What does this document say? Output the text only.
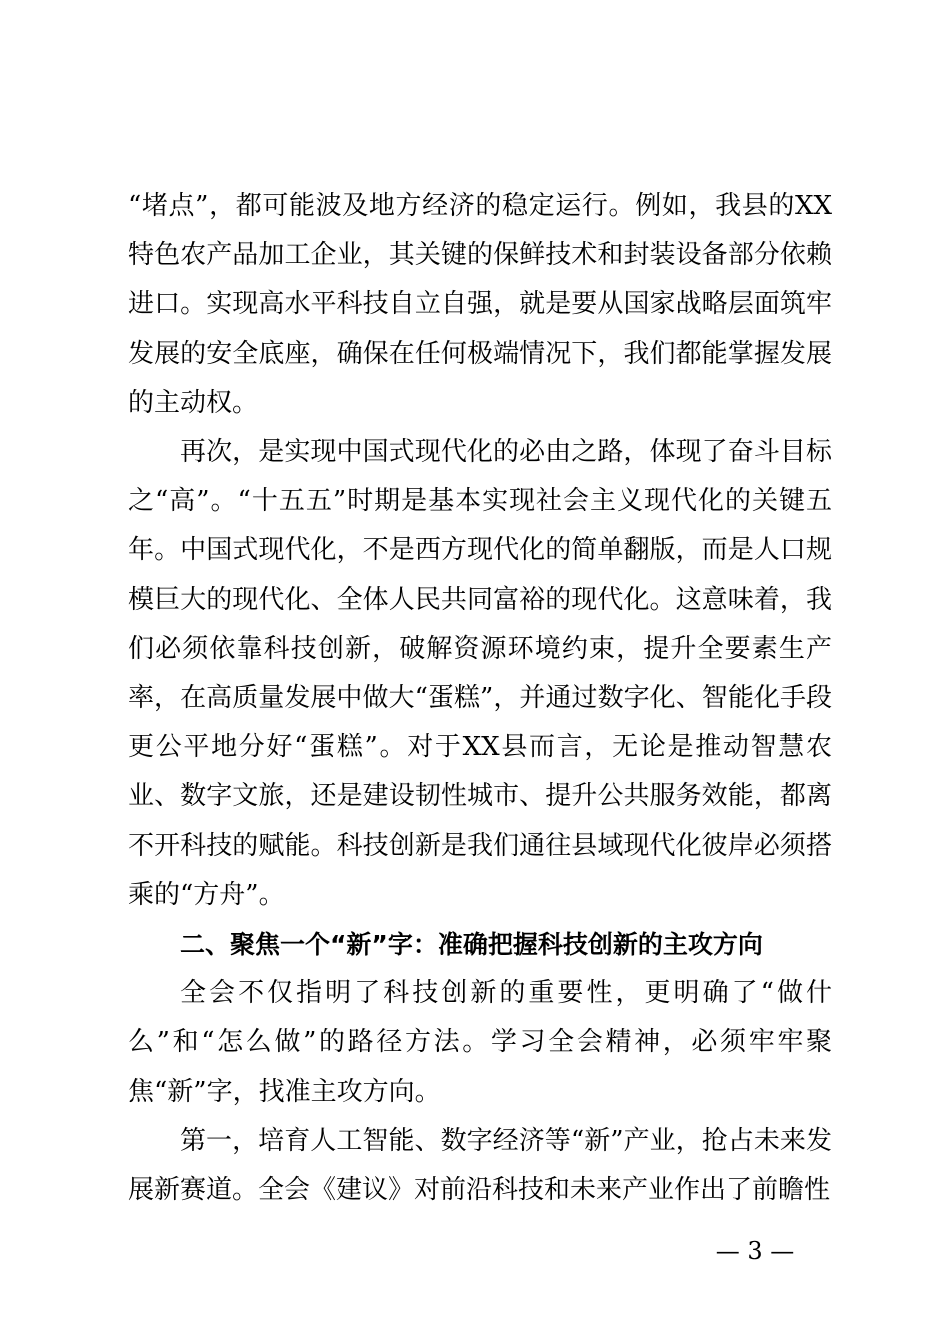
“堵点”，都可能波及地方经济的稳定运行。例如，我县的XX特色农产品加工企业，其关键的保鲜技术和封装设备部分依赖进口。实现高水平科技自立自强，就是要从国家战略层面筑牢发展的安全底座，确保在任何极端情况下，我们都能掌握发展的主动权。

再次，是实现中国式现代化的必由之路，体现了奋斗目标之“高”。“十五五”时期是基本实现社会主义现代化的关键五年。中国式现代化，不是西方现代化的简单翻版，而是人口规模巨大的现代化、全体人民共同富裕的现代化。这意味着，我们必须依靠科技创新，破解资源环境约束，提升全要素生产率，在高质量发展中做大“蛋糕”，并通过数字化、智能化手段更公平地分好“蛋糕”。对于XX县而言，无论是推动智慧农业、数字文旅，还是建设韧性城市、提升公共服务效能，都离不开科技的赋能。科技创新是我们通往县域现代化彼岸必须搭乘的“方舟”。

二、聚焦一个“新”字：准确把握科技创新的主攻方向

全会不仅指明了科技创新的重要性，更明确了“做什么”和“怎么做”的路径方法。学习全会精神，必须牢牢聚焦“新”字，找准主攻方向。

第一，培育人工智能、数字经济等“新”产业，抢占未来发展新赛道。全会《建议》对前沿科技和未来产业作出了前瞻性

— 3 —
